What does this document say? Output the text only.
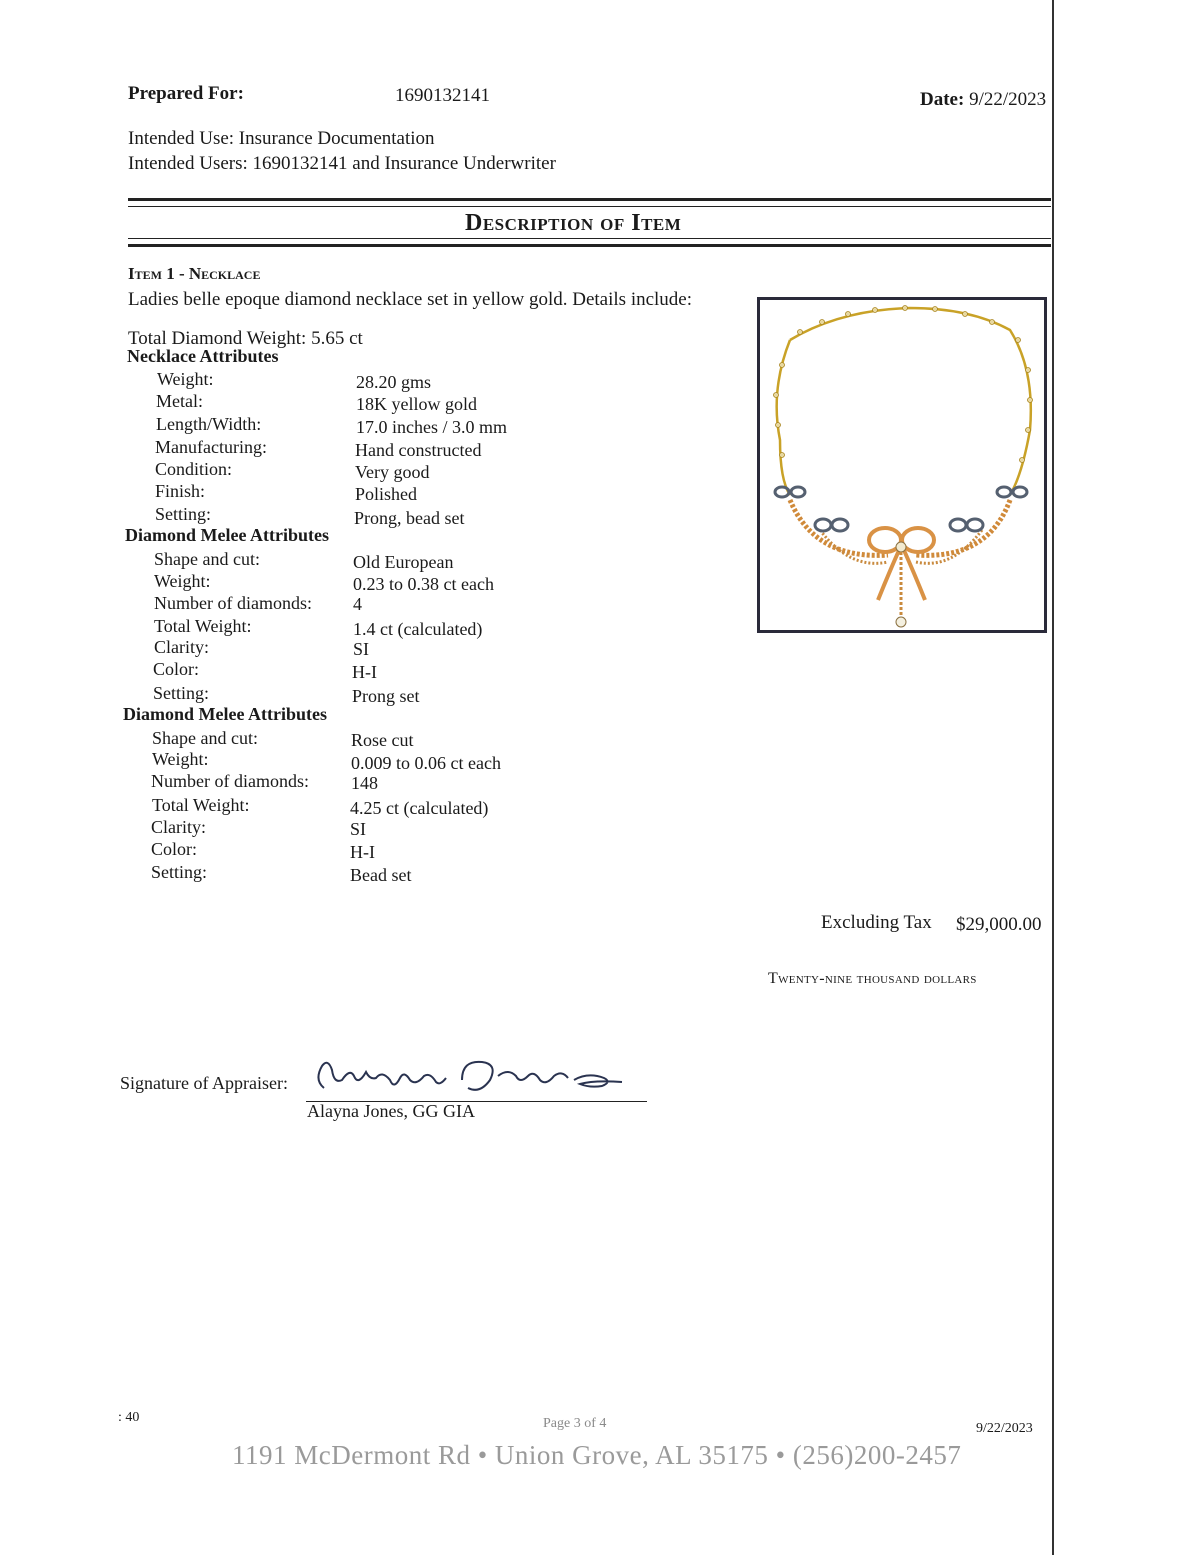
Prepared For:	1690132141	Date: 9/22/2023
Intended Use: Insurance Documentation
Intended Users: 1690132141 and Insurance Underwriter
Description of Item
Item 1 - Necklace
Ladies belle epoque diamond necklace set in yellow gold. Details include:
Total Diamond Weight: 5.65 ct
Necklace Attributes
Weight:	28.20 gms
Metal:	18K yellow gold
Length/Width:	17.0 inches / 3.0 mm
Manufacturing:	Hand constructed
Condition:	Very good
Finish:	Polished
Setting:	Prong, bead set
Diamond Melee Attributes
Shape and cut:	Old European
Weight:	0.23 to 0.38 ct each
Number of diamonds: 4
Total Weight:	1.4 ct (calculated)
Clarity:	SI
Color:	H-I
Setting:	Prong set
Diamond Melee Attributes
Shape and cut:	Rose cut
Weight:	0.009 to 0.06 ct each
Number of diamonds: 148
Total Weight:	4.25 ct (calculated)
Clarity:	SI
Color:	H-I
Setting:	Bead set
Excluding Tax $29,000.00
Twenty-nine thousand dollars
Signature of Appraiser:
Alayna Jones, GG GIA
: 40	Page 3 of 4	9/22/2023
1191 McDermont Rd • Union Grove, AL 35175 • (256)200-2457
